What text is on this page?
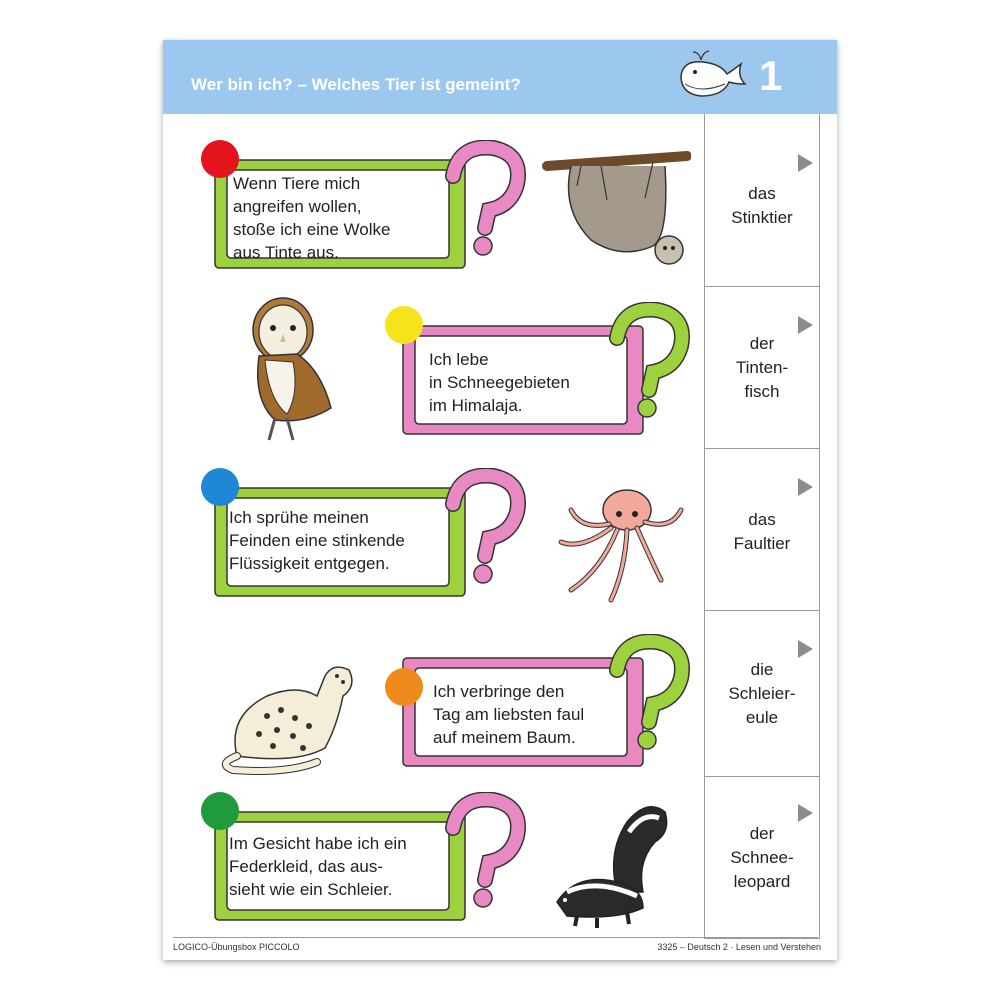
Wer bin ich? – Welches Tier ist gemeint?	1
das
Stinktier
der
Tinten-
fisch
das
Faultier
die
Schleier-
eule
der
Schnee-
leopard
Wenn Tiere mich
angreifen wollen,
stoße ich eine Wolke
aus Tinte aus.
Ich lebe
in Schneegebieten
im Himalaja.
Ich sprühe meinen
Feinden eine stinkende
Flüssigkeit entgegen.
Ich verbringe den
Tag am liebsten faul
auf meinem Baum.
Im Gesicht habe ich ein
Federkleid, das aus-
sieht wie ein Schleier.
LOGICO-Übungsbox PICCOLO	3325 – Deutsch 2 · Lesen und Verstehen
